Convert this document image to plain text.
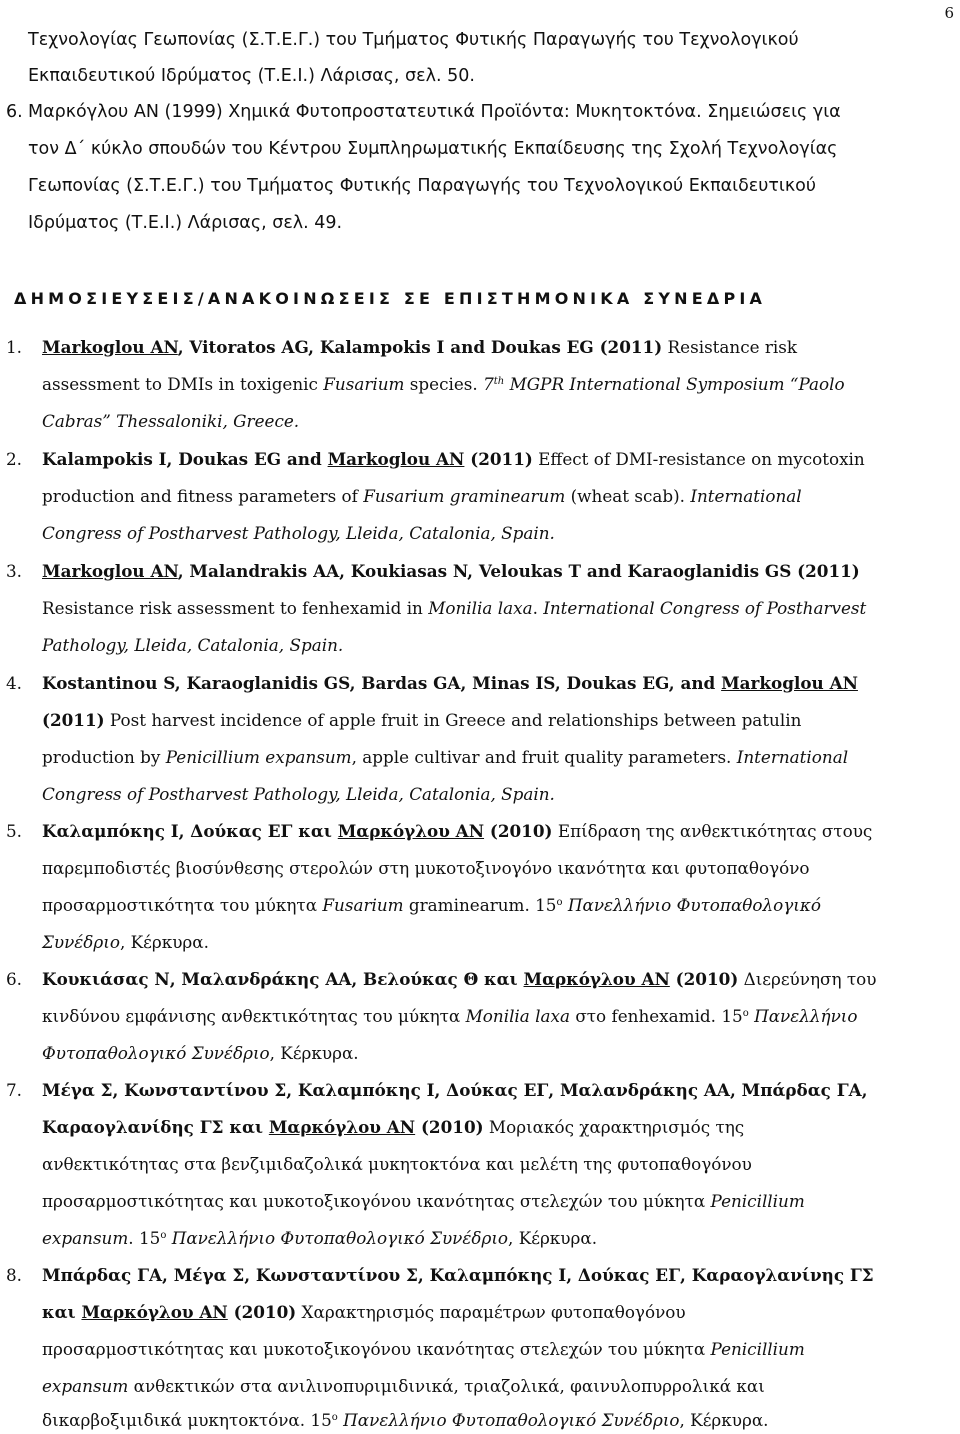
6
Τεχνολογίας Γεωπονίας (Σ.Τ.Ε.Γ.) του Τμήματος Φυτικής Παραγωγής του Τεχνολογικού
Εκπαιδευτικού Ιδρύματος (Τ.Ε.Ι.) Λάρισας, σελ. 50.
6. Μαρκόγλου ΑΝ (1999) Χημικά Φυτοπροστατευτικά Προϊόντα: Μυκητοκτόνα. Σημειώσεις για
τον Δ΄ κύκλο σπουδών του Κέντρου Συμπληρωματικής Εκπαίδευσης της Σχολή Τεχνολογίας
Γεωπονίας (Σ.Τ.Ε.Γ.) του Τμήματος Φυτικής Παραγωγής του Τεχνολογικού Εκπαιδευτικού
Ιδρύματος (Τ.Ε.Ι.) Λάρισας, σελ. 49.
ΔΗΜΟΣΙΕΥΣΕΙΣ/ΑΝΑΚΟΙΝΩΣΕΙΣ ΣΕ ΕΠΙΣΤΗΜΟΝΙΚΑ ΣΥΝΕΔΡΙΑ
1. Markoglou AN, Vitoratos AG, Kalampokis I and Doukas EG (2011) Resistance risk
assessment to DMIs in toxigenic Fusarium species. 7th MGPR International Symposium “Paolo
Cabras” Thessaloniki, Greece.
2. Kalampokis I, Doukas EG and Markoglou AN (2011) Effect of DMI-resistance on mycotoxin
production and fitness parameters of Fusarium graminearum (wheat scab). International
Congress of Postharvest Pathology, Lleida, Catalonia, Spain.
3. Markoglou AN, Malandrakis AA, Koukiasas N, Veloukas T and Karaoglanidis GS (2011)
Resistance risk assessment to fenhexamid in Monilia laxa. International Congress of Postharvest
Pathology, Lleida, Catalonia, Spain.
4. Kostantinou S, Karaoglanidis GS, Bardas GA, Minas IS, Doukas EG, and Markoglou AN
(2011) Post harvest incidence of apple fruit in Greece and relationships between patulin
production by Penicillium expansum, apple cultivar and fruit quality parameters. International
Congress of Postharvest Pathology, Lleida, Catalonia, Spain.
5. Καλαμπόκης Ι, Δούκας ΕΓ και Μαρκόγλου ΑΝ (2010) Επίδραση της ανθεκτικότητας στους
παρεμποδιστές βιοσύνθεσης στερολών στη μυκοτοξινογόνο ικανότητα και φυτοπαθογόνο
προσαρμοστικότητα του μύκητα Fusarium graminearum. $15^o$ Πανελλήνιο Φυτοπαθολογικό
Συνέδριο, Κέρκυρα.
6. Κουκιάσας Ν, Μαλανδράκης ΑΑ, Βελούκας Θ και Μαρκόγλου ΑΝ (2010) Διερεύνηση του
κινδύνου εμφάνισης ανθεκτικότητας του μύκητα Monilia laxa στο fenhexamid. $15^o$ Πανελλήνιο
Φυτοπαθολογικό Συνέδριο, Κέρκυρα.
7. Μέγα Σ, Κωνσταντίνου Σ, Καλαμπόκης Ι, Δούκας ΕΓ, Μαλανδράκης ΑΑ, Μπάρδας ΓΑ,
Καραογλανίδης ΓΣ και Μαρκόγλου ΑΝ (2010) Μοριακός χαρακτηρισμός της
ανθεκτικότητας στα βενζιμιδαζολικά μυκητοκτόνα και μελέτη της φυτοπαθογόνου
προσαρμοστικότητας και μυκοτοξικογόνου ικανότητας στελεχών του μύκητα Penicillium
expansum. $15^o$ Πανελλήνιο Φυτοπαθολογικό Συνέδριο, Κέρκυρα.
8. Μπάρδας ΓΑ, Μέγα Σ, Κωνσταντίνου Σ, Καλαμπόκης Ι, Δούκας ΕΓ, Καραογλανίνης ΓΣ
και Μαρκόγλου ΑΝ (2010) Χαρακτηρισμός παραμέτρων φυτοπαθογόνου
προσαρμοστικότητας και μυκοτοξικογόνου ικανότητας στελεχών του μύκητα Penicillium
expansum ανθεκτικών στα ανιλινοπυριμιδινικά, τριαζολικά, φαινυλοπυρρολικά και
δικαρβοξιμιδικά μυκητοκτόνα. $15^o$ Πανελλήνιο Φυτοπαθολογικό Συνέδριο, Κέρκυρα.
